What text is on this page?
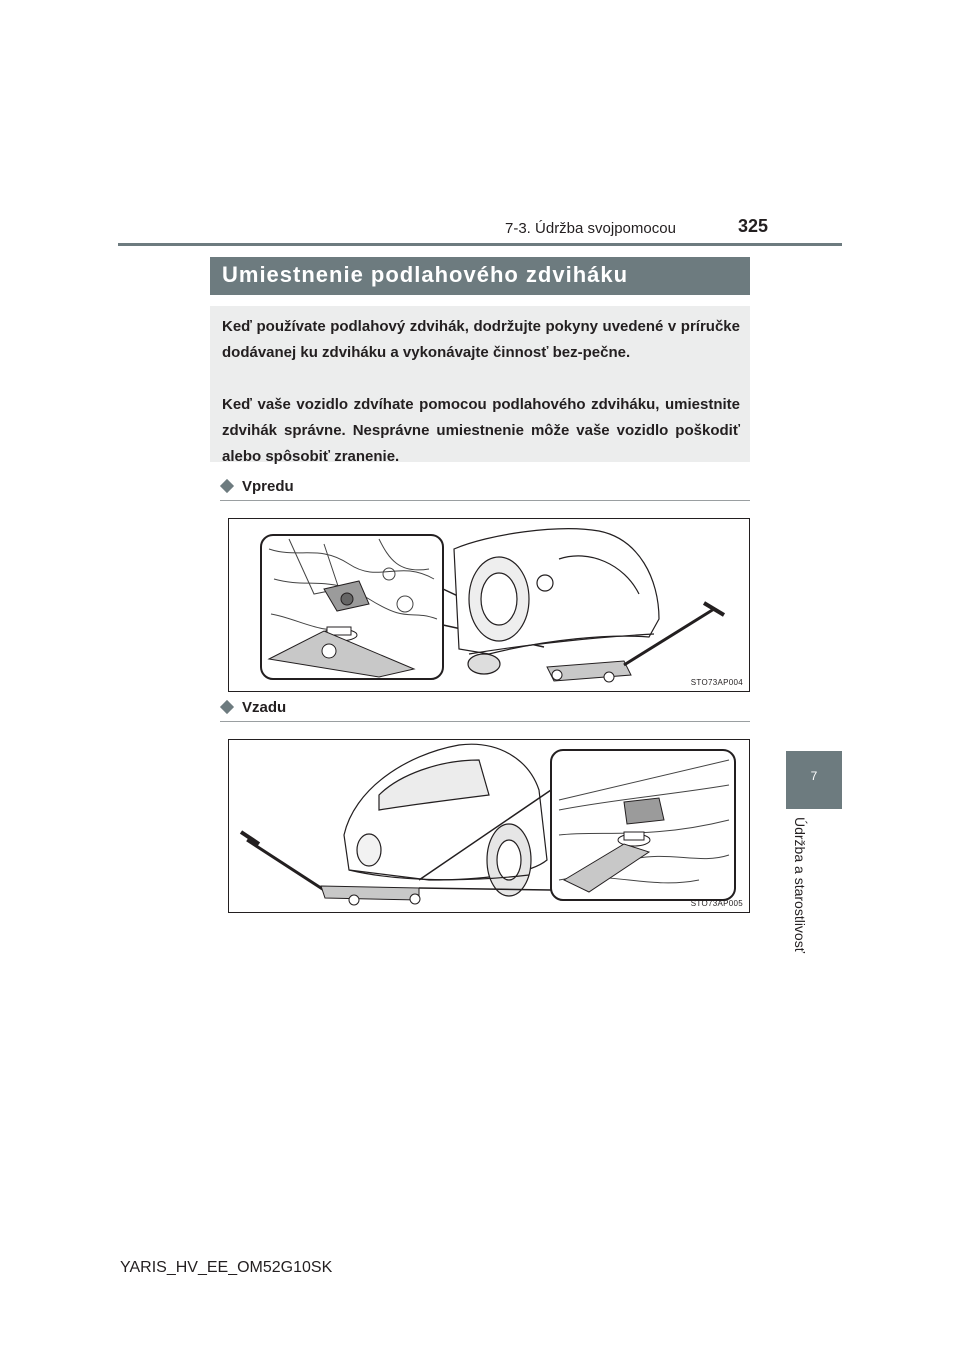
7-3. Údržba svojpomocou	325
Umiestnenie podlahového zdviháku
Keď používate podlahový zdvihák, dodržujte pokyny uvedené v príručke dodávanej ku zdviháku a vykonávajte činnosť bez-pečne.
Keď vaše vozidlo zdvíhate pomocou podlahového zdviháku, umiestnite zdvihák správne. Nesprávne umiestnenie môže vaše vozidlo poškodiť alebo spôsobiť zranenie.
Vpredu
STO73AP004
Vzadu
STO73AP005
7
Údržba a starostlivosť
YARIS_HV_EE_OM52G10SK
